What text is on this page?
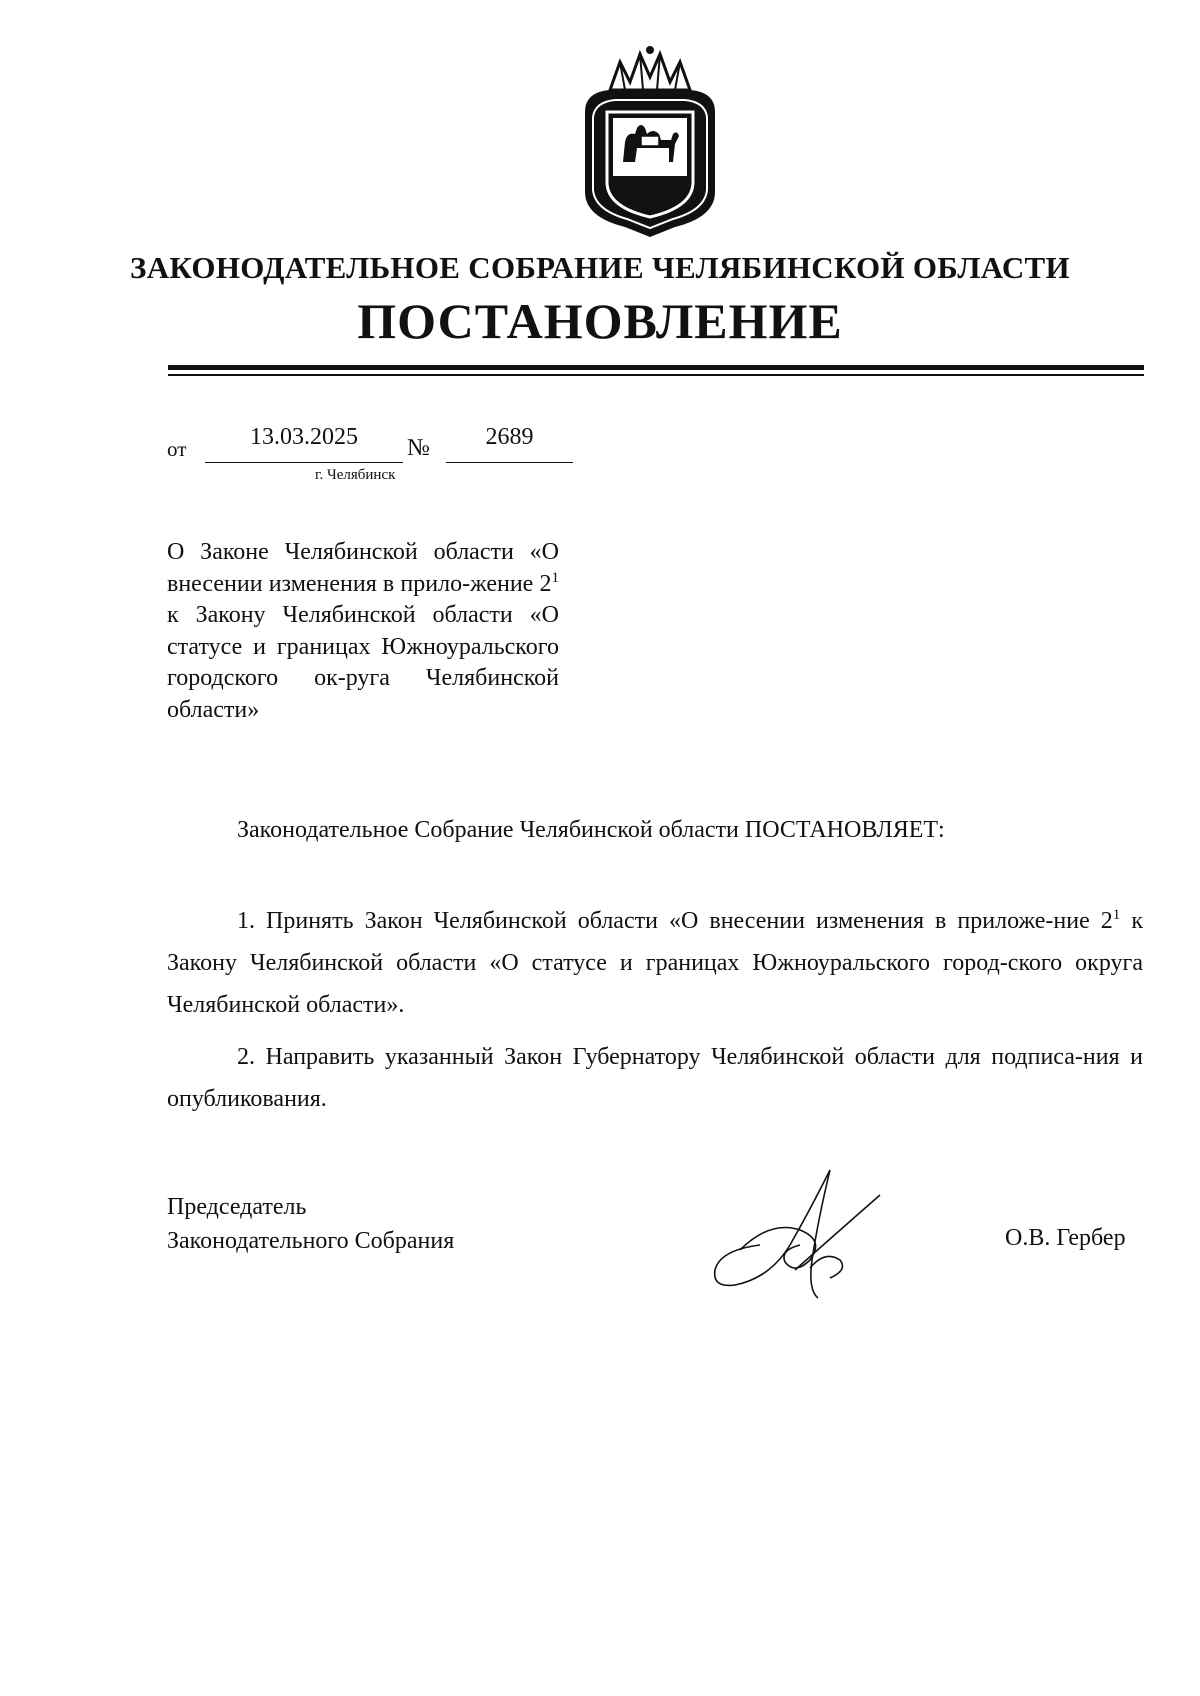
ЗАКОНОДАТЕЛЬНОЕ СОБРАНИЕ ЧЕЛЯБИНСКОЙ ОБЛАСТИ
ПОСТАНОВЛЕНИЕ
от	13.03.2025	№	2689
г. Челябинск
О Законе Челябинской области «О внесении изменения в прило-жение $2^1$ к Закону Челябинской области «О статусе и границах Южноуральского городского ок-руга Челябинской области»
Законодательное Собрание Челябинской области ПОСТАНОВЛЯЕТ:
1. Принять Закон Челябинской области «О внесении изменения в приложе-ние $2^1$ к Закону Челябинской области «О статусе и границах Южноуральского город-ского округа Челябинской области».
2. Направить указанный Закон Губернатору Челябинской области для подписа-ния и опубликования.
Председатель
Законодательного Собрания	О.В. Гербер
